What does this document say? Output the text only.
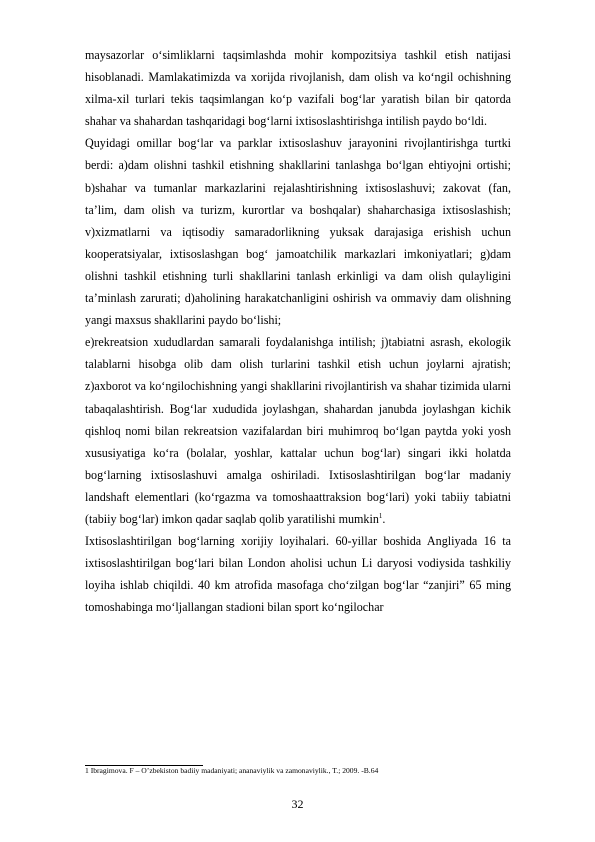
maysazorlar o‘simliklarni taqsimlashda mohir kompozitsiya tashkil etish natijasi hisoblanadi. Mamlakatimizda va xorijda rivojlanish, dam olish va ko‘ngil ochishning xilma-xil turlari tekis taqsimlangan ko‘p vazifali bog‘lar yaratish bilan bir qatorda shahar va shahardan tashqaridagi bog‘larni ixtisoslashtirishga intilish paydo bo‘ldi.

Quyidagi omillar bog‘lar va parklar ixtisoslashuv jarayonini rivojlantirishga turtki berdi: a)dam olishni tashkil etishning shakllarini tanlashga bo‘lgan ehtiyojni ortishi; b)shahar va tumanlar markazlarini rejalashtirishning ixtisoslashuvi; zakovat (fan, ta’lim, dam olish va turizm, kurortlar va boshqalar) shaharchasiga ixtisoslashish; v)xizmatlarni va iqtisodiy samaradorlikning yuksak darajasiga erishish uchun kooperatsiyalar, ixtisoslashgan bog‘ jamoatchilik markazlari imkoniyatlari; g)dam olishni tashkil etishning turli shakllarini tanlash erkinligi va dam olish qulayligini ta’minlash zarurati; d)aholining harakatchanligini oshirish va ommaviy dam olishning yangi maxsus shakllarini paydo bo‘lishi;

e)rekreatsion xududlardan samarali foydalanishga intilish; j)tabiatni asrash, ekologik talablarni hisobga olib dam olish turlarini tashkil etish uchun joylarni ajratish; z)axborot va ko‘ngilochishning yangi shakllarini rivojlantirish va shahar tizimida ularni tabaqalashtirish. Bog‘lar xududida joylashgan, shahardan janubda joylashgan kichik qishloq nomi bilan rekreatsion vazifalardan biri muhimroq bo‘lgan paytda yoki yosh xususiyatiga ko‘ra (bolalar, yoshlar, kattalar uchun bog‘lar) singari ikki holatda bog‘larning ixtisoslashuvi amalga oshiriladi. Ixtisoslashtirilgan bog‘lar madaniy landshaft elementlari (ko‘rgazma va tomoshaattraksion bog‘lari) yoki tabiiy tabiatni (tabiiy bog‘lar) imkon qadar saqlab qolib yaratilishi mumkin$^1$.

Ixtisoslashtirilgan bog‘larning xorijiy loyihalari. 60-yillar boshida Angliyada 16 ta ixtisoslashtirilgan bog‘lari bilan London aholisi uchun Li daryosi vodiysida tashkiliy loyiha ishlab chiqildi. 40 km atrofida masofaga cho‘zilgan bog‘lar “zanjiri” 65 ming tomoshabinga mo‘ljallangan stadioni bilan sport ko‘ngilochar

1 Ibragimova. F – O’zbekiston badiiy madaniyati; ananaviylik va zamonaviylik., T.; 2009. -B.64
32
